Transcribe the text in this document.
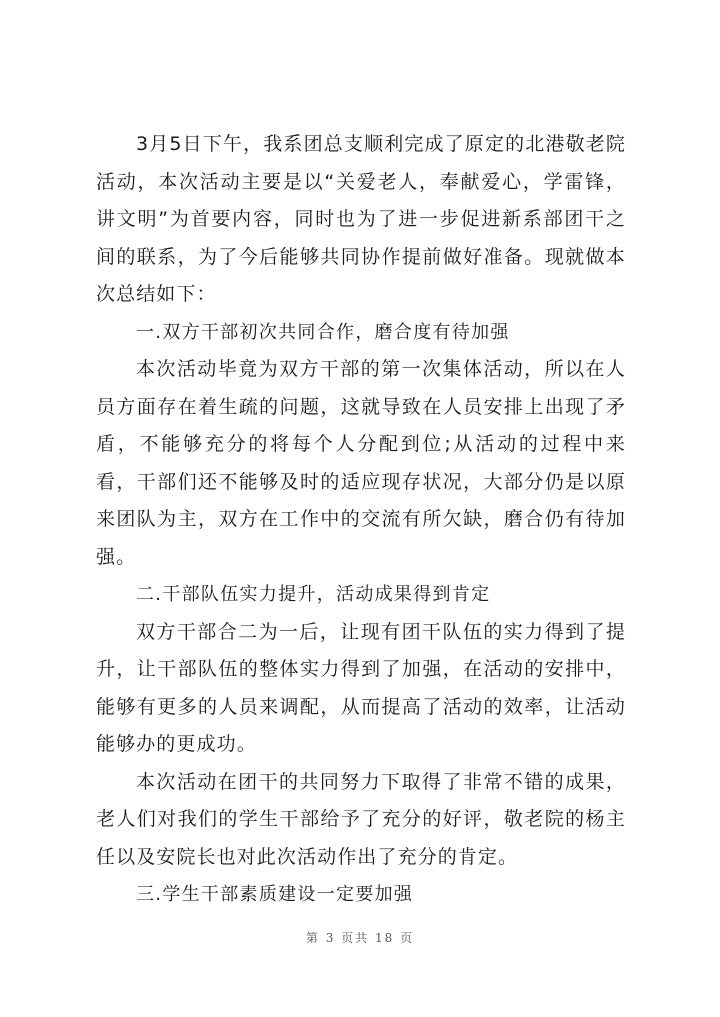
3月5日下午，我系团总支顺利完成了原定的北港敬老院活动，本次活动主要是以“关爱老人，奉献爱心，学雷锋，讲文明”为首要内容，同时也为了进一步促进新系部团干之间的联系，为了今后能够共同协作提前做好准备。现就做本次总结如下：

一.双方干部初次共同合作，磨合度有待加强

本次活动毕竟为双方干部的第一次集体活动，所以在人员方面存在着生疏的问题，这就导致在人员安排上出现了矛盾，不能够充分的将每个人分配到位;从活动的过程中来看，干部们还不能够及时的适应现存状况，大部分仍是以原来团队为主，双方在工作中的交流有所欠缺，磨合仍有待加强。

二.干部队伍实力提升，活动成果得到肯定

双方干部合二为一后，让现有团干队伍的实力得到了提升，让干部队伍的整体实力得到了加强，在活动的安排中，能够有更多的人员来调配，从而提高了活动的效率，让活动能够办的更成功。

本次活动在团干的共同努力下取得了非常不错的成果，老人们对我们的学生干部给予了充分的好评，敬老院的杨主任以及安院长也对此次活动作出了充分的肯定。

三.学生干部素质建设一定要加强

第 3 页共 18 页
